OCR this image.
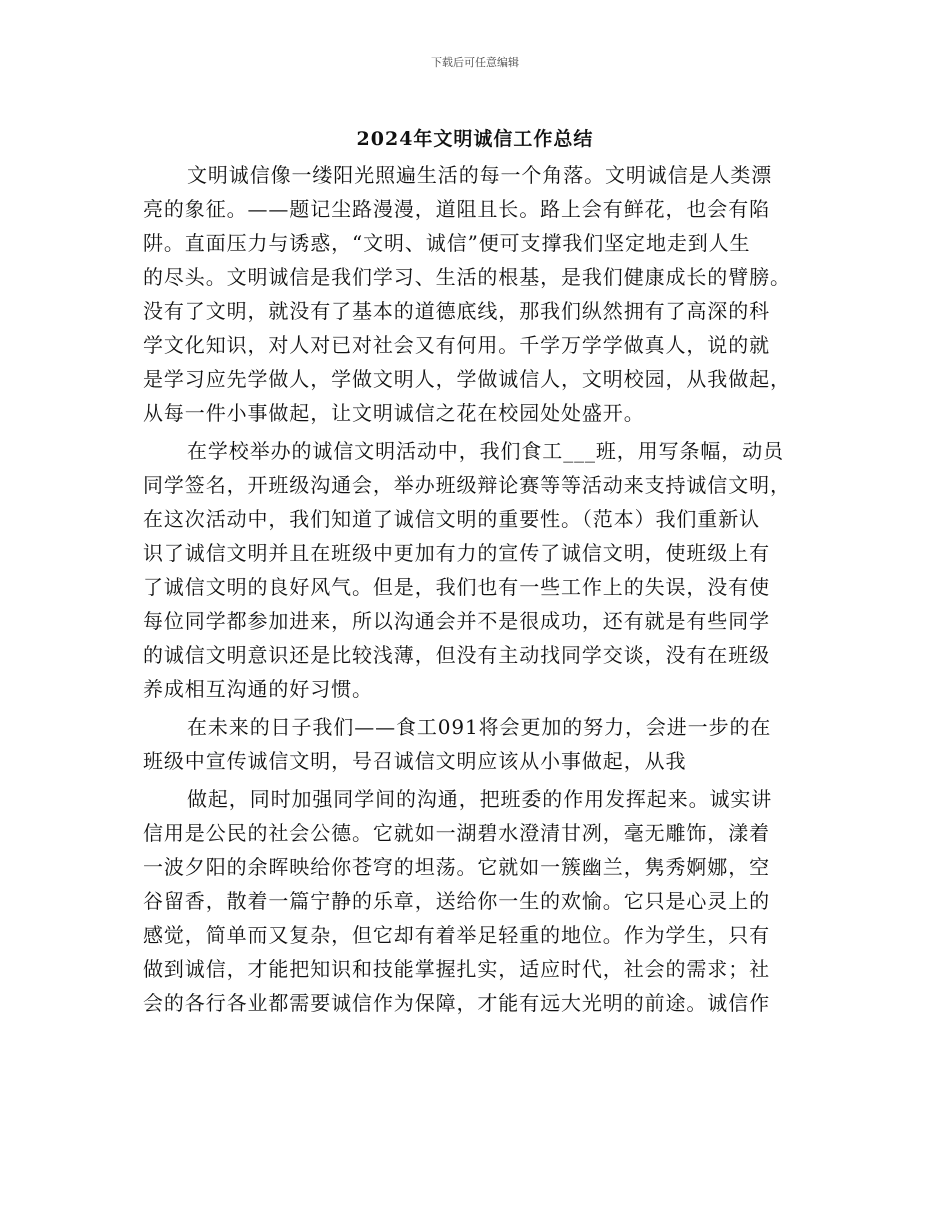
下载后可任意编辑
2024年文明诚信工作总结
文明诚信像一缕阳光照遍生活的每一个角落。文明诚信是人类漂
亮的象征。——题记尘路漫漫，道阻且长。路上会有鲜花，也会有陷
阱。直面压力与诱惑，“文明、诚信”便可支撑我们坚定地走到人生
的尽头。文明诚信是我们学习、生活的根基，是我们健康成长的臂膀。
没有了文明，就没有了基本的道德底线，那我们纵然拥有了高深的科
学文化知识，对人对已对社会又有何用。千学万学学做真人，说的就
是学习应先学做人，学做文明人，学做诚信人，文明校园，从我做起，
从每一件小事做起，让文明诚信之花在校园处处盛开。
在学校举办的诚信文明活动中，我们食工___班，用写条幅，动员
同学签名，开班级沟通会，举办班级辩论赛等等活动来支持诚信文明，
在这次活动中，我们知道了诚信文明的重要性。（范本）我们重新认
识了诚信文明并且在班级中更加有力的宣传了诚信文明，使班级上有
了诚信文明的良好风气。但是，我们也有一些工作上的失误，没有使
每位同学都参加进来，所以沟通会并不是很成功，还有就是有些同学
的诚信文明意识还是比较浅薄，但没有主动找同学交谈，没有在班级
养成相互沟通的好习惯。
在未来的日子我们——食工091将会更加的努力，会进一步的在
班级中宣传诚信文明，号召诚信文明应该从小事做起，从我
做起，同时加强同学间的沟通，把班委的作用发挥起来。诚实讲
信用是公民的社会公德。它就如一湖碧水澄清甘冽，毫无雕饰，漾着
一波夕阳的余晖映给你苍穹的坦荡。它就如一簇幽兰，隽秀婀娜，空
谷留香，散着一篇宁静的乐章，送给你一生的欢愉。它只是心灵上的
感觉，简单而又复杂，但它却有着举足轻重的地位。作为学生，只有
做到诚信，才能把知识和技能掌握扎实，适应时代，社会的需求；社
会的各行各业都需要诚信作为保障，才能有远大光明的前途。诚信作
